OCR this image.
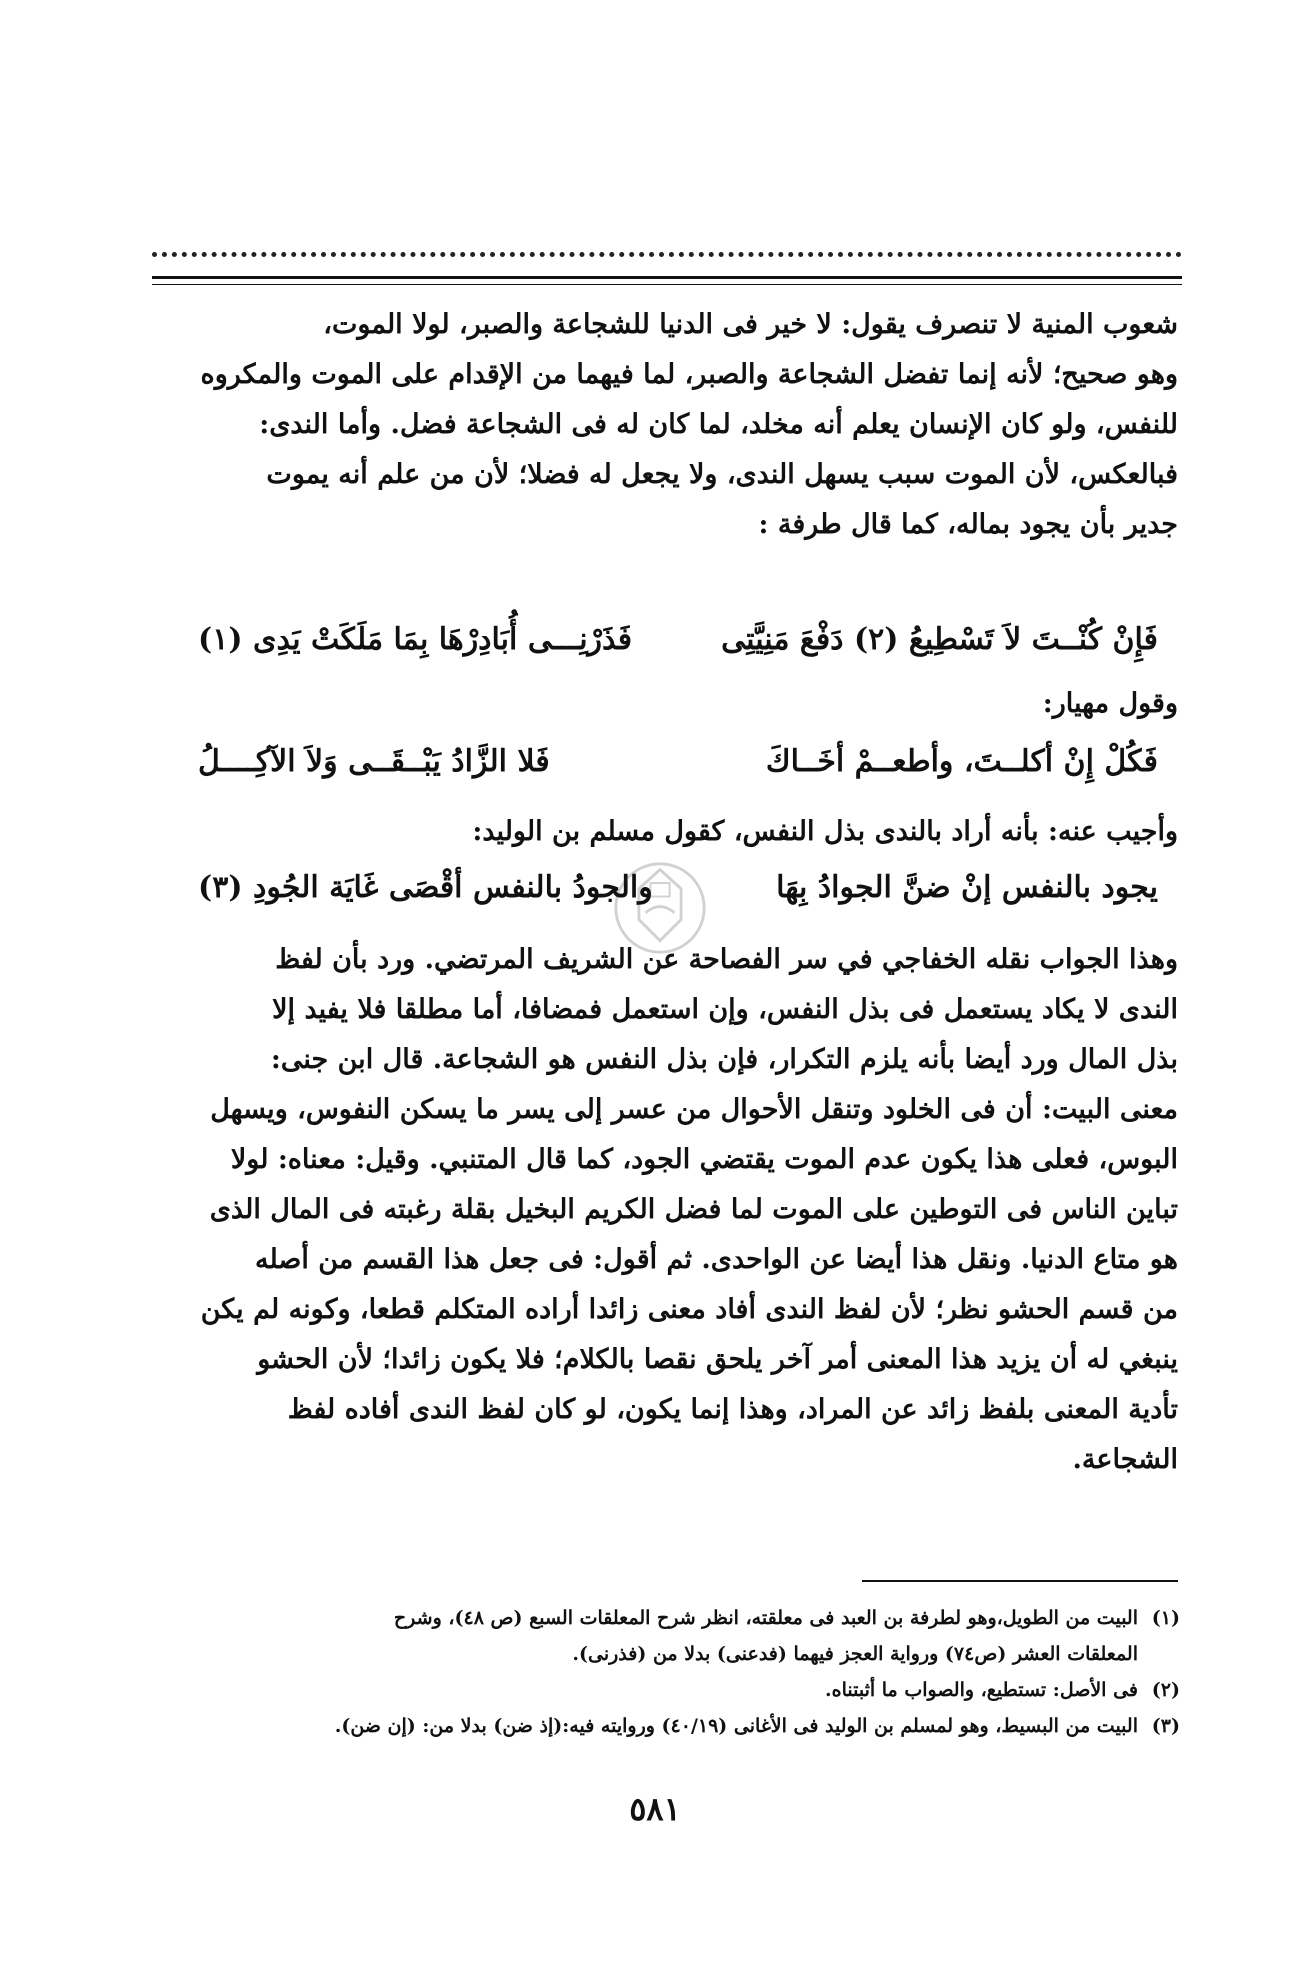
شعوب المنية لا تنصرف يقول: لا خير فى الدنيا للشجاعة والصبر، لولا الموت،
وهو صحيح؛ لأنه إنما تفضل الشجاعة والصبر، لما فيهما من الإقدام على الموت والمكروه
للنفس، ولو كان الإنسان يعلم أنه مخلد، لما كان له فى الشجاعة فضل. وأما الندى:
فبالعكس، لأن الموت سبب يسهل الندى، ولا يجعل له فضلا؛ لأن من علم أنه يموت
جدير بأن يجود بماله، كما قال طرفة :
فَإِنْ كُنْــتَ لاَ تَسْطِيعُ (٢) دَفْعَ مَنِيَّتِى
فَذَرْنِـــى أُبَادِرْهَا بِمَا مَلَكَتْ يَدِى (١)
وقول مهيار:
فَكُلْ إِنْ أكلــتَ، وأطعــمْ أخَــاكَ
فَلا الزَّادُ يَبْــقَــى وَلاَ الآكِــــلُ
وأجيب عنه: بأنه أراد بالندى بذل النفس، كقول مسلم بن الوليد:
يجود بالنفس إنْ ضنَّ الجوادُ بِهَا
والجودُ بالنفس أقْصَى غَايَة الجُودِ (٣)
وهذا الجواب نقله الخفاجي في سر الفصاحة عن الشريف المرتضي. ورد بأن لفظ
الندى لا يكاد يستعمل فى بذل النفس، وإن استعمل فمضافا، أما مطلقا فلا يفيد إلا
بذل المال ورد أيضا بأنه يلزم التكرار، فإن بذل النفس هو الشجاعة. قال ابن جنى:
معنى البيت: أن فى الخلود وتنقل الأحوال من عسر إلى يسر ما يسكن النفوس، ويسهل
البوس، فعلى هذا يكون عدم الموت يقتضي الجود، كما قال المتنبي. وقيل: معناه: لولا
تباين الناس فى التوطين على الموت لما فضل الكريم البخيل بقلة رغبته فى المال الذى
هو متاع الدنيا. ونقل هذا أيضا عن الواحدى. ثم أقول: فى جعل هذا القسم من أصله
من قسم الحشو نظر؛ لأن لفظ الندى أفاد معنى زائدا أراده المتكلم قطعا، وكونه لم يكن
ينبغي له أن يزيد هذا المعنى أمر آخر يلحق نقصا بالكلام؛ فلا يكون زائدا؛ لأن الحشو
تأدية المعنى بلفظ زائد عن المراد، وهذا إنما يكون، لو كان لفظ الندى أفاده لفظ
الشجاعة.
(١)البيت من الطويل،وهو لطرفة بن العبد فى معلقته، انظر شرح المعلقات السبع (ص ٤٨)، وشرح
المعلقات العشر (ص٧٤) ورواية العجز فيهما (فدعنى) بدلا من (فذرنى).
(٢)فى الأصل: تستطيع، والصواب ما أثبتناه.
(٣)البيت من البسيط، وهو لمسلم بن الوليد فى الأغانى (٤٠/١٩) وروايته فيه:(إذ ضن) بدلا من: (إن ضن).
٥٨١
